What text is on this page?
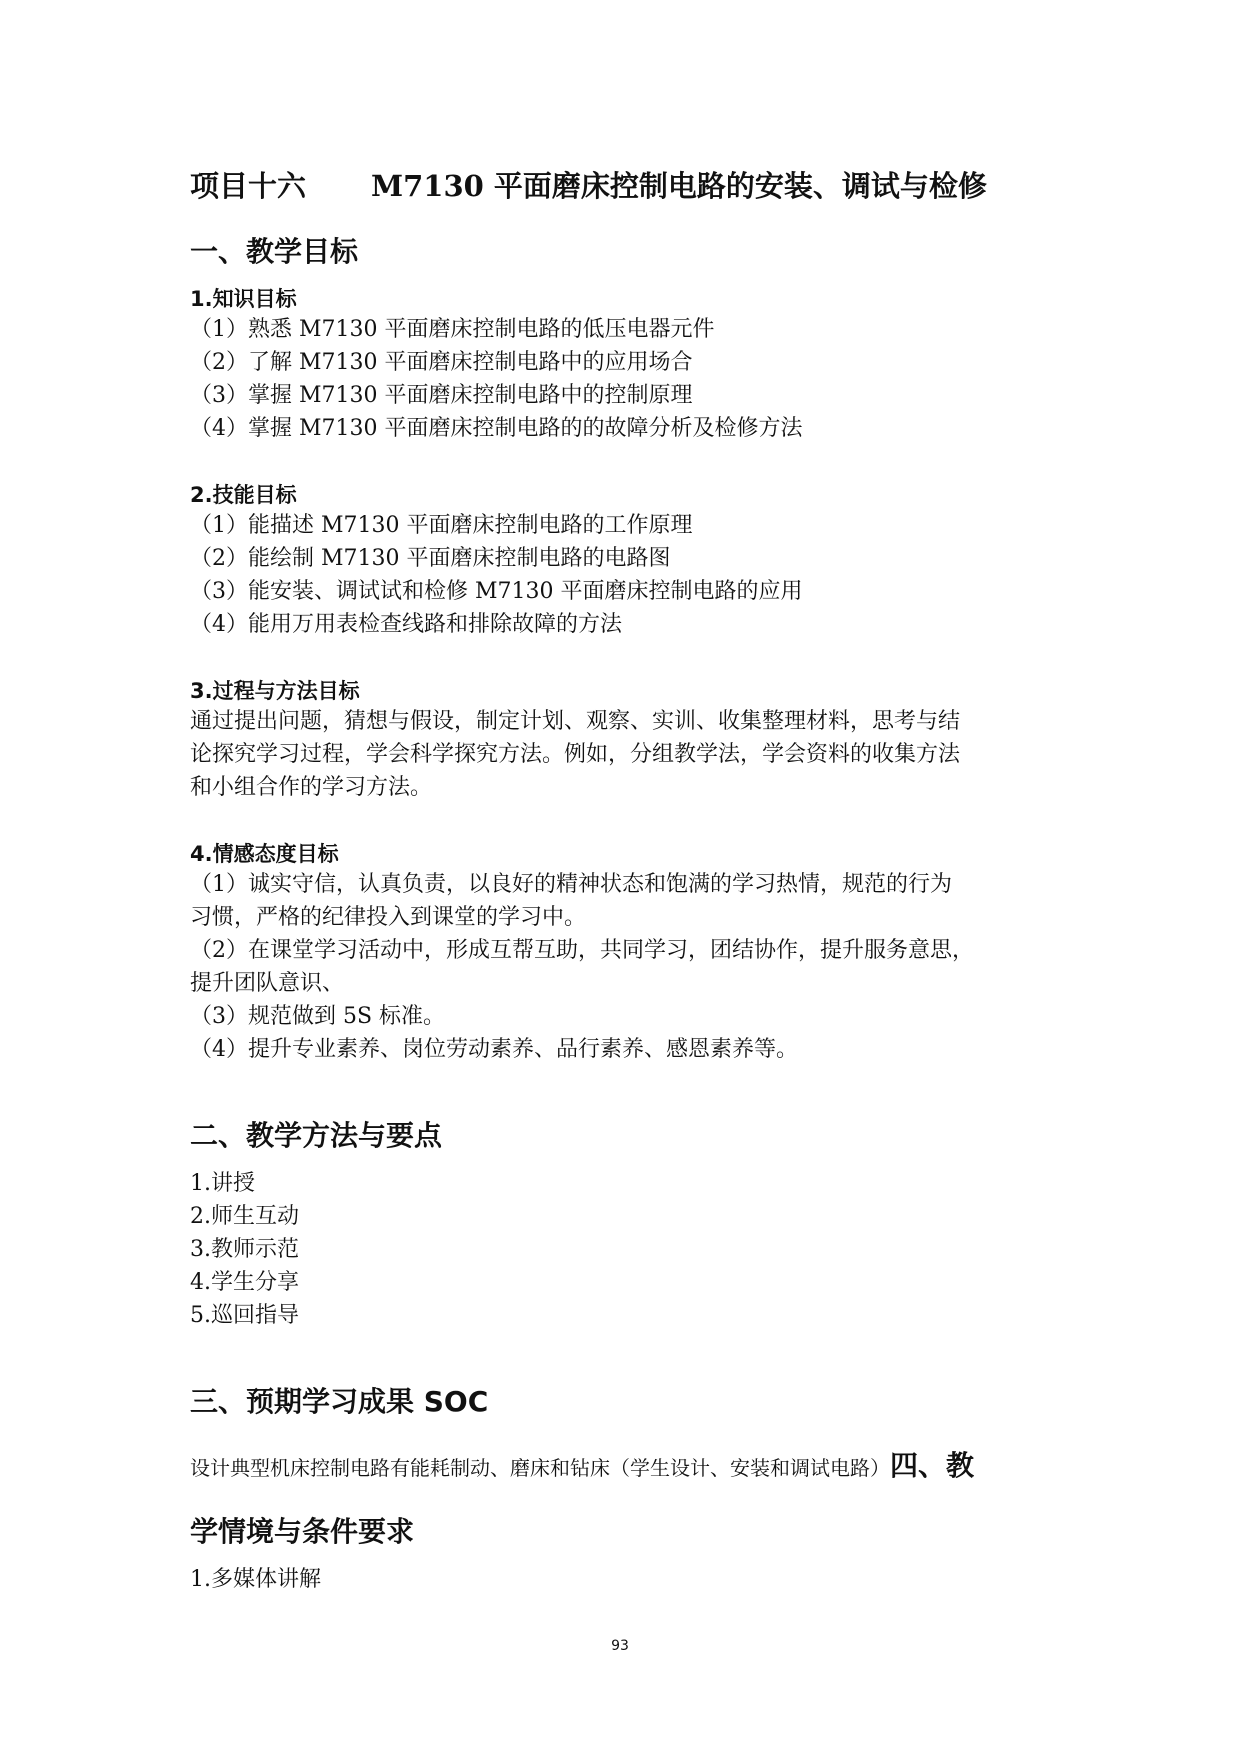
项目十六 M7130 平面磨床控制电路的安装、调试与检修
一、教学目标
1.知识目标
（1）熟悉 M7130 平面磨床控制电路的低压电器元件
（2）了解 M7130 平面磨床控制电路中的应用场合
（3）掌握 M7130 平面磨床控制电路中的控制原理
（4）掌握 M7130 平面磨床控制电路的的故障分析及检修方法
2.技能目标
（1）能描述 M7130 平面磨床控制电路的工作原理
（2）能绘制 M7130 平面磨床控制电路的电路图
（3）能安装、调试试和检修 M7130 平面磨床控制电路的应用
（4）能用万用表检查线路和排除故障的方法
3.过程与方法目标
通过提出问题，猜想与假设，制定计划、观察、实训、收集整理材料，思考与结
论探究学习过程，学会科学探究方法。例如，分组教学法，学会资料的收集方法
和小组合作的学习方法。
4.情感态度目标
（1）诚实守信，认真负责，以良好的精神状态和饱满的学习热情，规范的行为
习惯，严格的纪律投入到课堂的学习中。
（2）在课堂学习活动中，形成互帮互助，共同学习，团结协作，提升服务意思，
提升团队意识、
（3）规范做到 5S 标准。
（4）提升专业素养、岗位劳动素养、品行素养、感恩素养等。
二、教学方法与要点
1.讲授
2.师生互动
3.教师示范
4.学生分享
5.巡回指导
三、预期学习成果 SOC
设计典型机床控制电路有能耗制动、磨床和钻床（学生设计、安装和调试电路）四、教
学情境与条件要求
1.多媒体讲解
93
